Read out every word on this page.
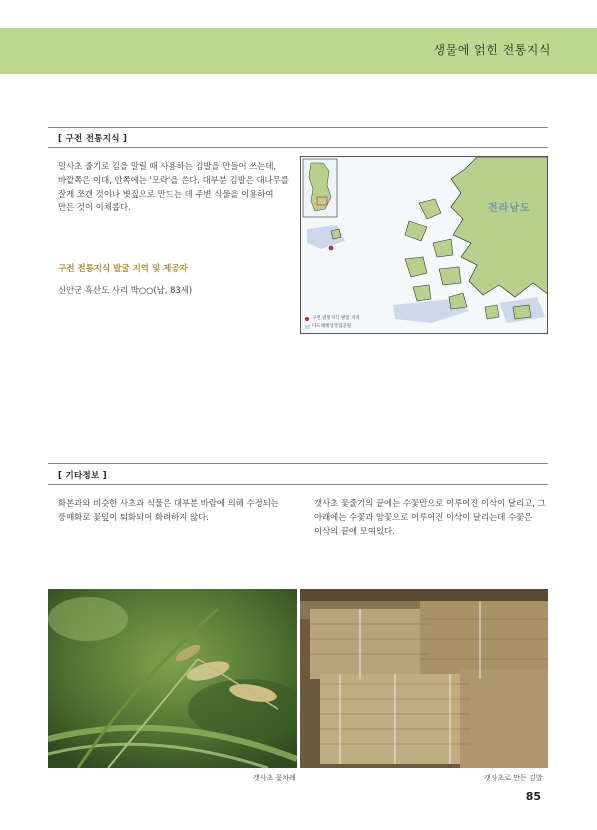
생물에 얽힌 전통지식
[ 구전 전통지식 ]
밀사초 줄기로 김을 말릴 때 사용하는 김발을 만들어 쓰는데, 바깥쪽은 이대, 안쪽에는 '모락'을 쓴다. 대부분 김발은 대나무를 잘게 쪼갠 것이나 볏짚으로 만드는 데 주변 식물을 이용하여 만든 것이 이채롭다.
구전 전통지식 발굴 지역 및 제공자
신안군 흑산도 사리 박○○(남, 83세)
전라남도
구전 전통지식 발굴 지역
다도해해상국립공원
[ 기타정보 ]
화본과와 비슷한 사초과 식물은 대부분 바람에 의해 수정되는 풍매화로 꽃잎이 퇴화되어 화려하지 않다.
갯사초 꽃줄기의 끝에는 수꽃만으로 이루어진 이삭이 달리고, 그 아래에는 수꽃과 암꽃으로 이루어진 이삭이 달리는데 수꽃은 이삭의 끝에 모여있다.
갯사초 꽃차례	갯사초로 만든 김발
85
